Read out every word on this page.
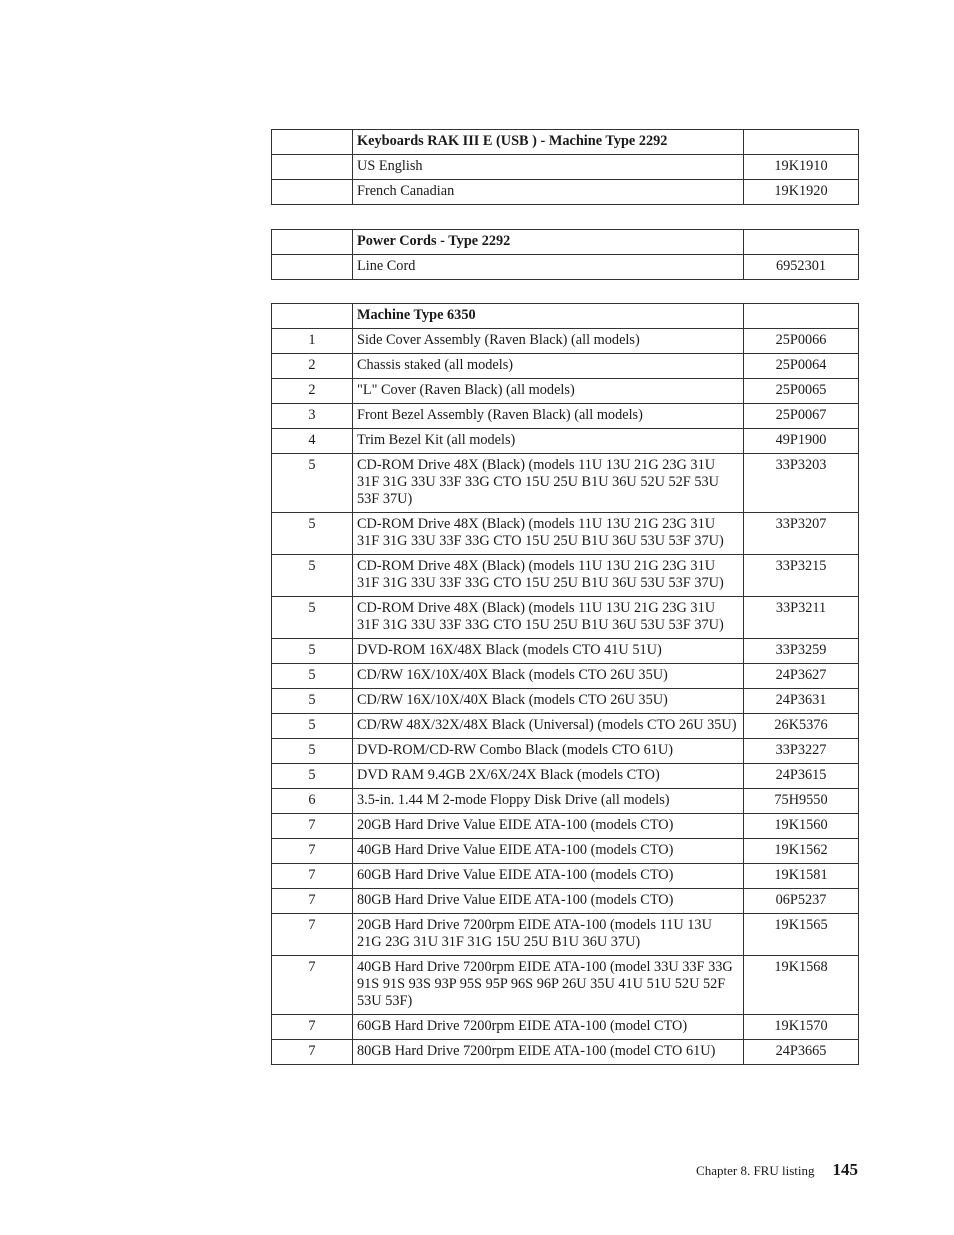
	Keyboards RAK III E (USB ) - Machine Type 2292	
	US English	19K1910
	French Canadian	19K1920
	Power Cords - Type 2292	
	Line Cord	6952301
	Machine Type 6350	
1	Side Cover Assembly (Raven Black) (all models)	25P0066
2	Chassis staked (all models)	25P0064
2	"L" Cover (Raven Black) (all models)	25P0065
3	Front Bezel Assembly (Raven Black) (all models)	25P0067
4	Trim Bezel Kit (all models)	49P1900
5	CD-ROM Drive 48X (Black) (models 11U 13U 21G 23G 31U 31F 31G 33U 33F 33G CTO 15U 25U B1U 36U 52U 52F 53U 53F 37U)	33P3203
5	CD-ROM Drive 48X (Black) (models 11U 13U 21G 23G 31U 31F 31G 33U 33F 33G CTO 15U 25U B1U 36U 53U 53F 37U)	33P3207
5	CD-ROM Drive 48X (Black) (models 11U 13U 21G 23G 31U 31F 31G 33U 33F 33G CTO 15U 25U B1U 36U 53U 53F 37U)	33P3215
5	CD-ROM Drive 48X (Black) (models 11U 13U 21G 23G 31U 31F 31G 33U 33F 33G CTO 15U 25U B1U 36U 53U 53F 37U)	33P3211
5	DVD-ROM 16X/48X Black (models CTO 41U 51U)	33P3259
5	CD/RW 16X/10X/40X Black (models CTO 26U 35U)	24P3627
5	CD/RW 16X/10X/40X Black (models CTO 26U 35U)	24P3631
5	CD/RW 48X/32X/48X Black (Universal) (models CTO 26U 35U)	26K5376
5	DVD-ROM/CD-RW Combo Black (models CTO 61U)	33P3227
5	DVD RAM 9.4GB 2X/6X/24X Black (models CTO)	24P3615
6	3.5-in. 1.44 M 2-mode Floppy Disk Drive (all models)	75H9550
7	20GB Hard Drive Value EIDE ATA-100 (models CTO)	19K1560
7	40GB Hard Drive Value EIDE ATA-100 (models CTO)	19K1562
7	60GB Hard Drive Value EIDE ATA-100 (models CTO)	19K1581
7	80GB Hard Drive Value EIDE ATA-100 (models CTO)	06P5237
7	20GB Hard Drive 7200rpm EIDE ATA-100 (models 11U 13U 21G 23G 31U 31F 31G 15U 25U B1U 36U 37U)	19K1565
7	40GB Hard Drive 7200rpm EIDE ATA-100 (model 33U 33F 33G 91S 91S 93S 93P 95S 95P 96S 96P 26U 35U 41U 51U 52U 52F 53U 53F)	19K1568
7	60GB Hard Drive 7200rpm EIDE ATA-100 (model CTO)	19K1570
7	80GB Hard Drive 7200rpm EIDE ATA-100 (model CTO 61U)	24P3665
Chapter 8. FRU listing 145
